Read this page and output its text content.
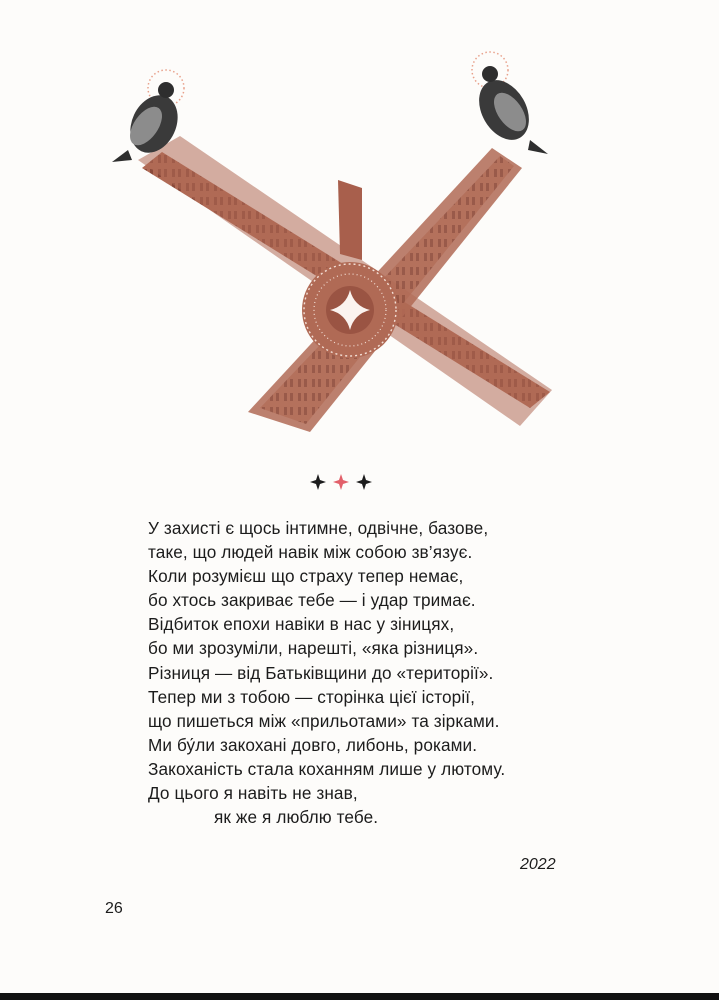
У захисті є щось інтимне, одвічне, базове,
таке, що людей навік між собою зв’язує.
Коли розумієш що страху тепер немає,
бо хтось закриває тебе — і удар тримає.
Відбиток епохи навіки в нас у зіницях,
бо ми зрозуміли, нарешті, «яка різниця».
Різниця — від Батьківщини до «території».
Тепер ми з тобою — сторінка цієї історії,
що пишеться між «прильотами» та зірками.
Ми бу́ли закохані довго, либонь, роками.
Закоханість стала коханням лише у лютому.
До цього я навіть не знав,
як же я люблю тебе.
2022
26
